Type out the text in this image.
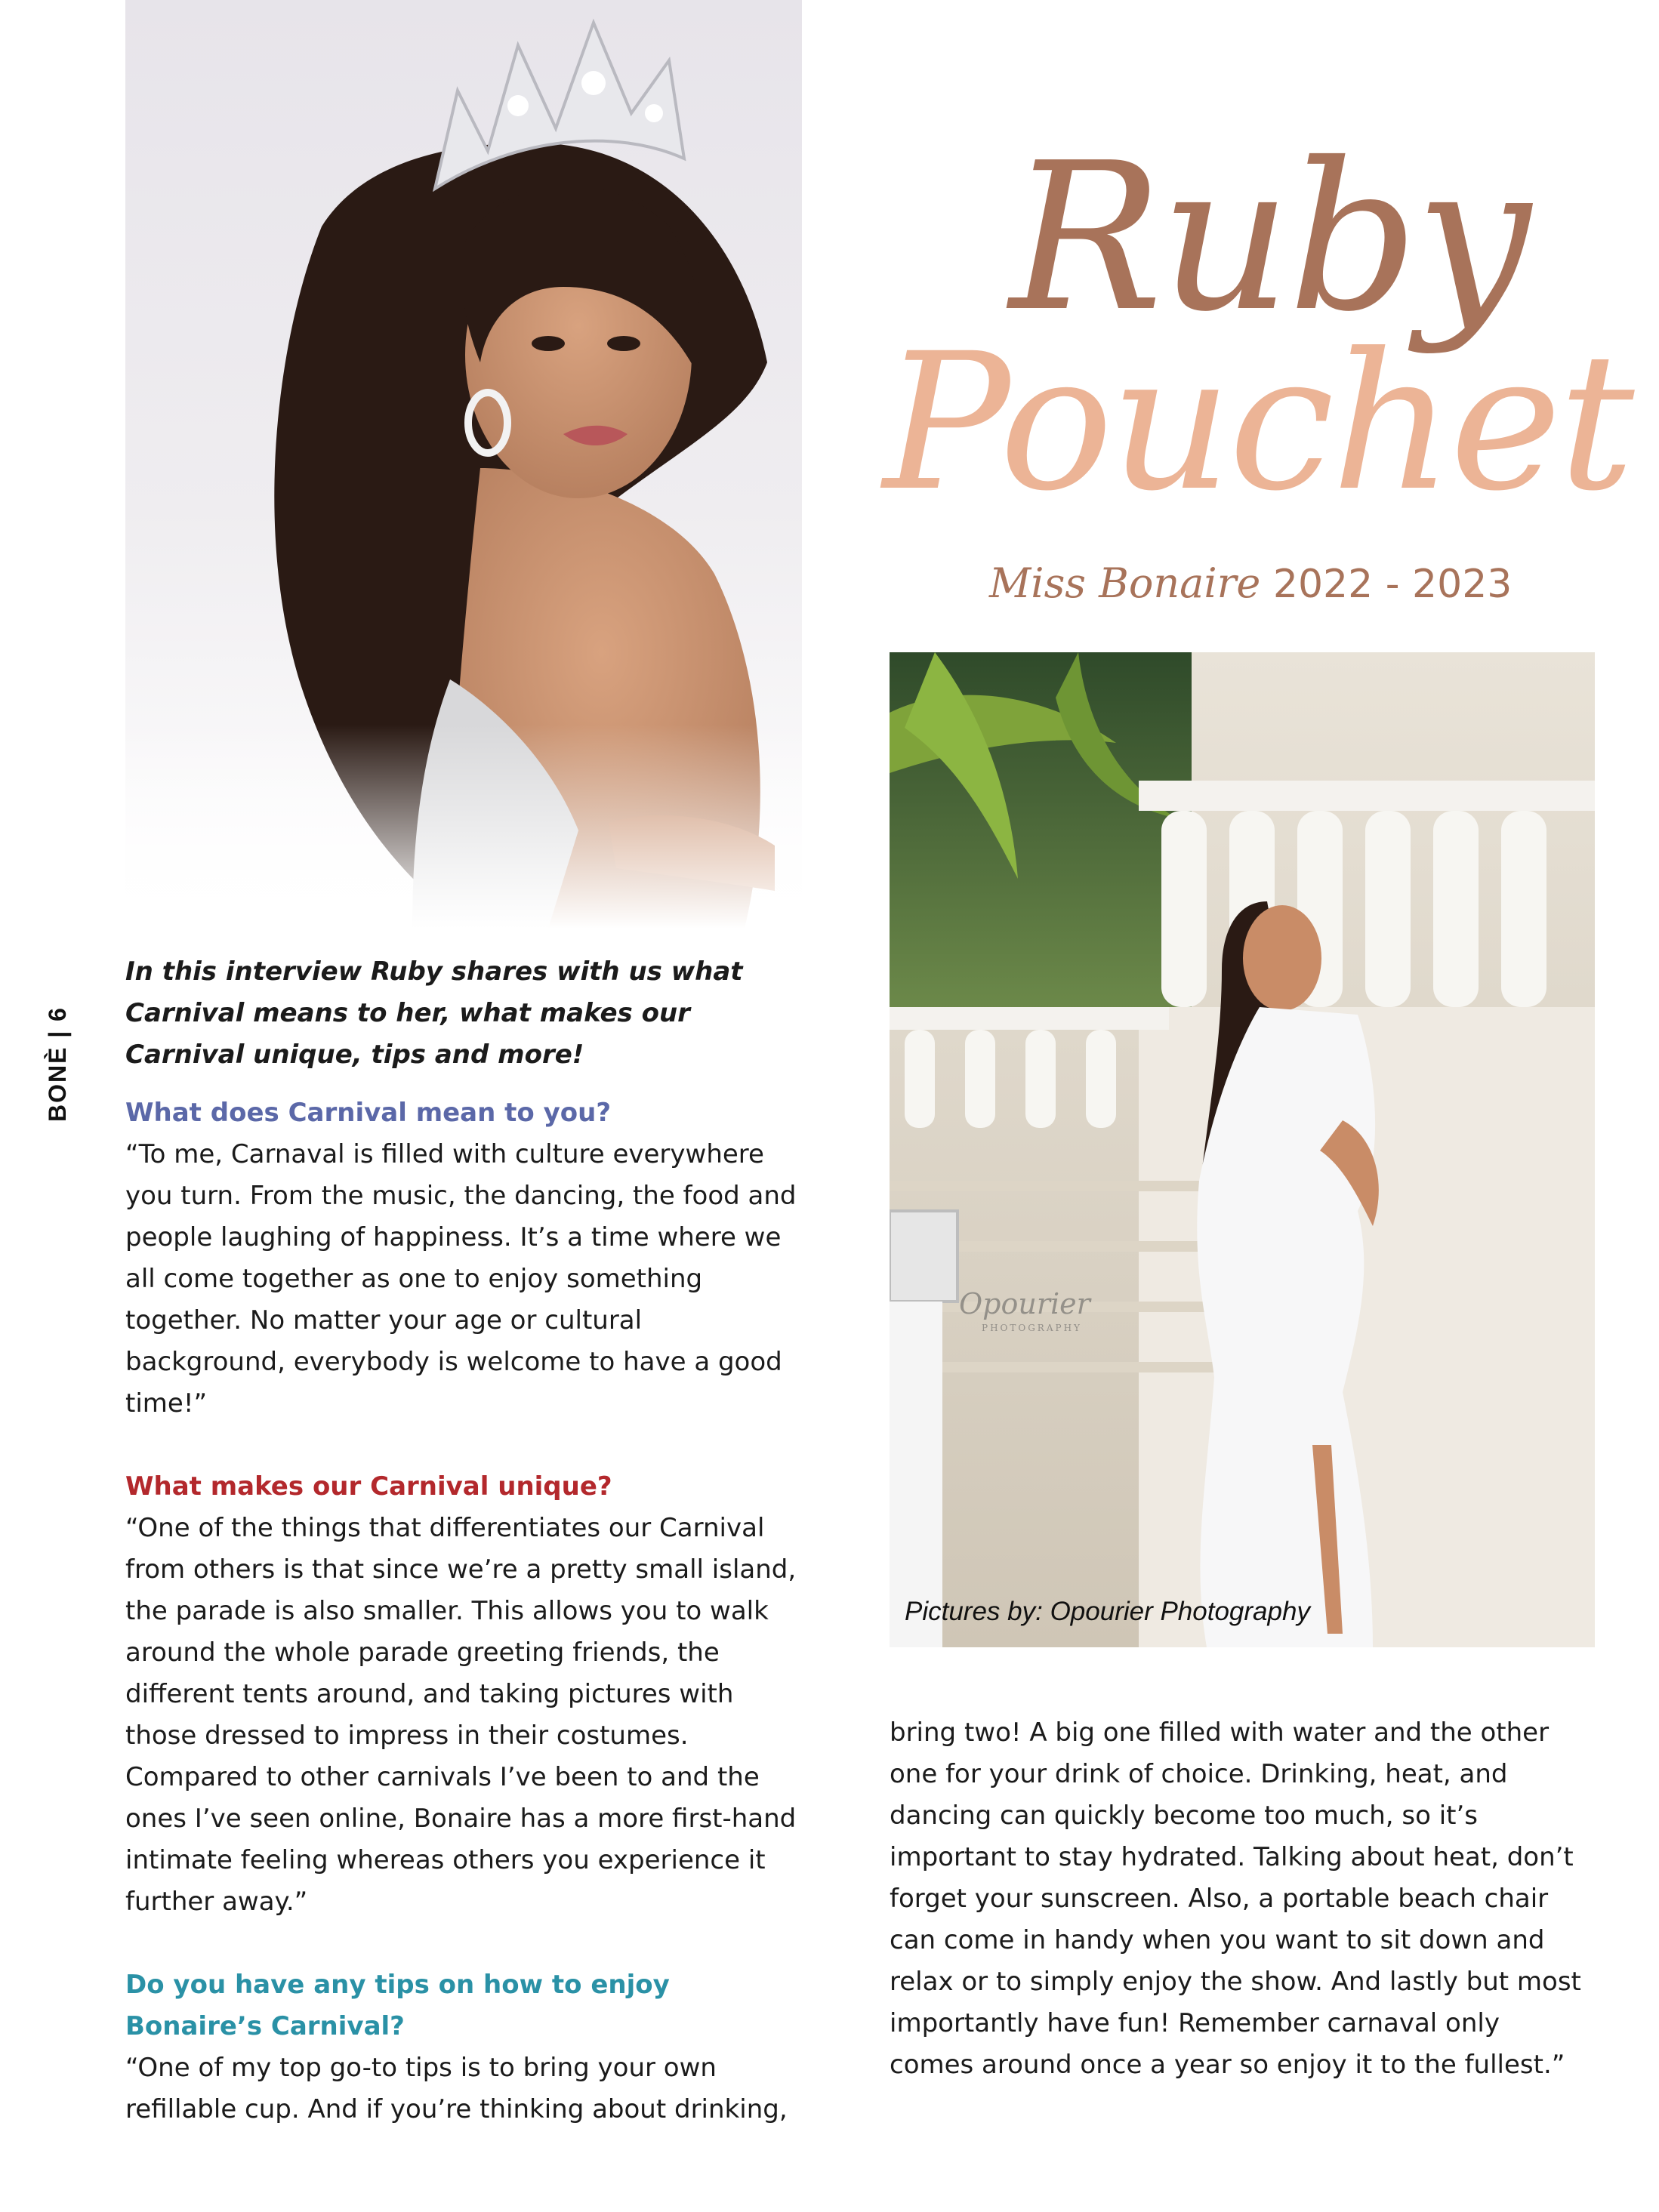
BONÈ | 6
Ruby
Pouchet
Miss Bonaire 2022 - 2023
Opourier
PHOTOGRAPHY
Pictures by: Opourier Photography

In this interview Ruby shares with us what Carnival means to her, what makes our Carnival unique, tips and more!

What does Carnival mean to you?

“To me, Carnaval is filled with culture everywhere you turn. From the music, the dancing, the food and people laughing of happiness. It’s a time where we all come together as one to enjoy something together. No matter your age or cultural background, everybody is welcome to have a good time!”

What makes our Carnival unique?

“One of the things that differentiates our Carnival from others is that since we’re a pretty small island, the parade is also smaller. This allows you to walk around the whole parade greeting friends, the different tents around, and taking pictures with those dressed to impress in their costumes. Compared to other carnivals I’ve been to and the ones I’ve seen online, Bonaire has a more first-hand intimate feeling whereas others you experience it further away.”

Do you have any tips on how to enjoy Bonaire’s Carnival?

“One of my top go-to tips is to bring your own refillable cup. And if you’re thinking about drinking,

bring two! A big one filled with water and the other one for your drink of choice. Drinking, heat, and dancing can quickly become too much, so it’s important to stay hydrated. Talking about heat, don’t forget your sunscreen. Also, a portable beach chair can come in handy when you want to sit down and relax or to simply enjoy the show. And lastly but most importantly have fun! Remember carnaval only comes around once a year so enjoy it to the fullest.”
